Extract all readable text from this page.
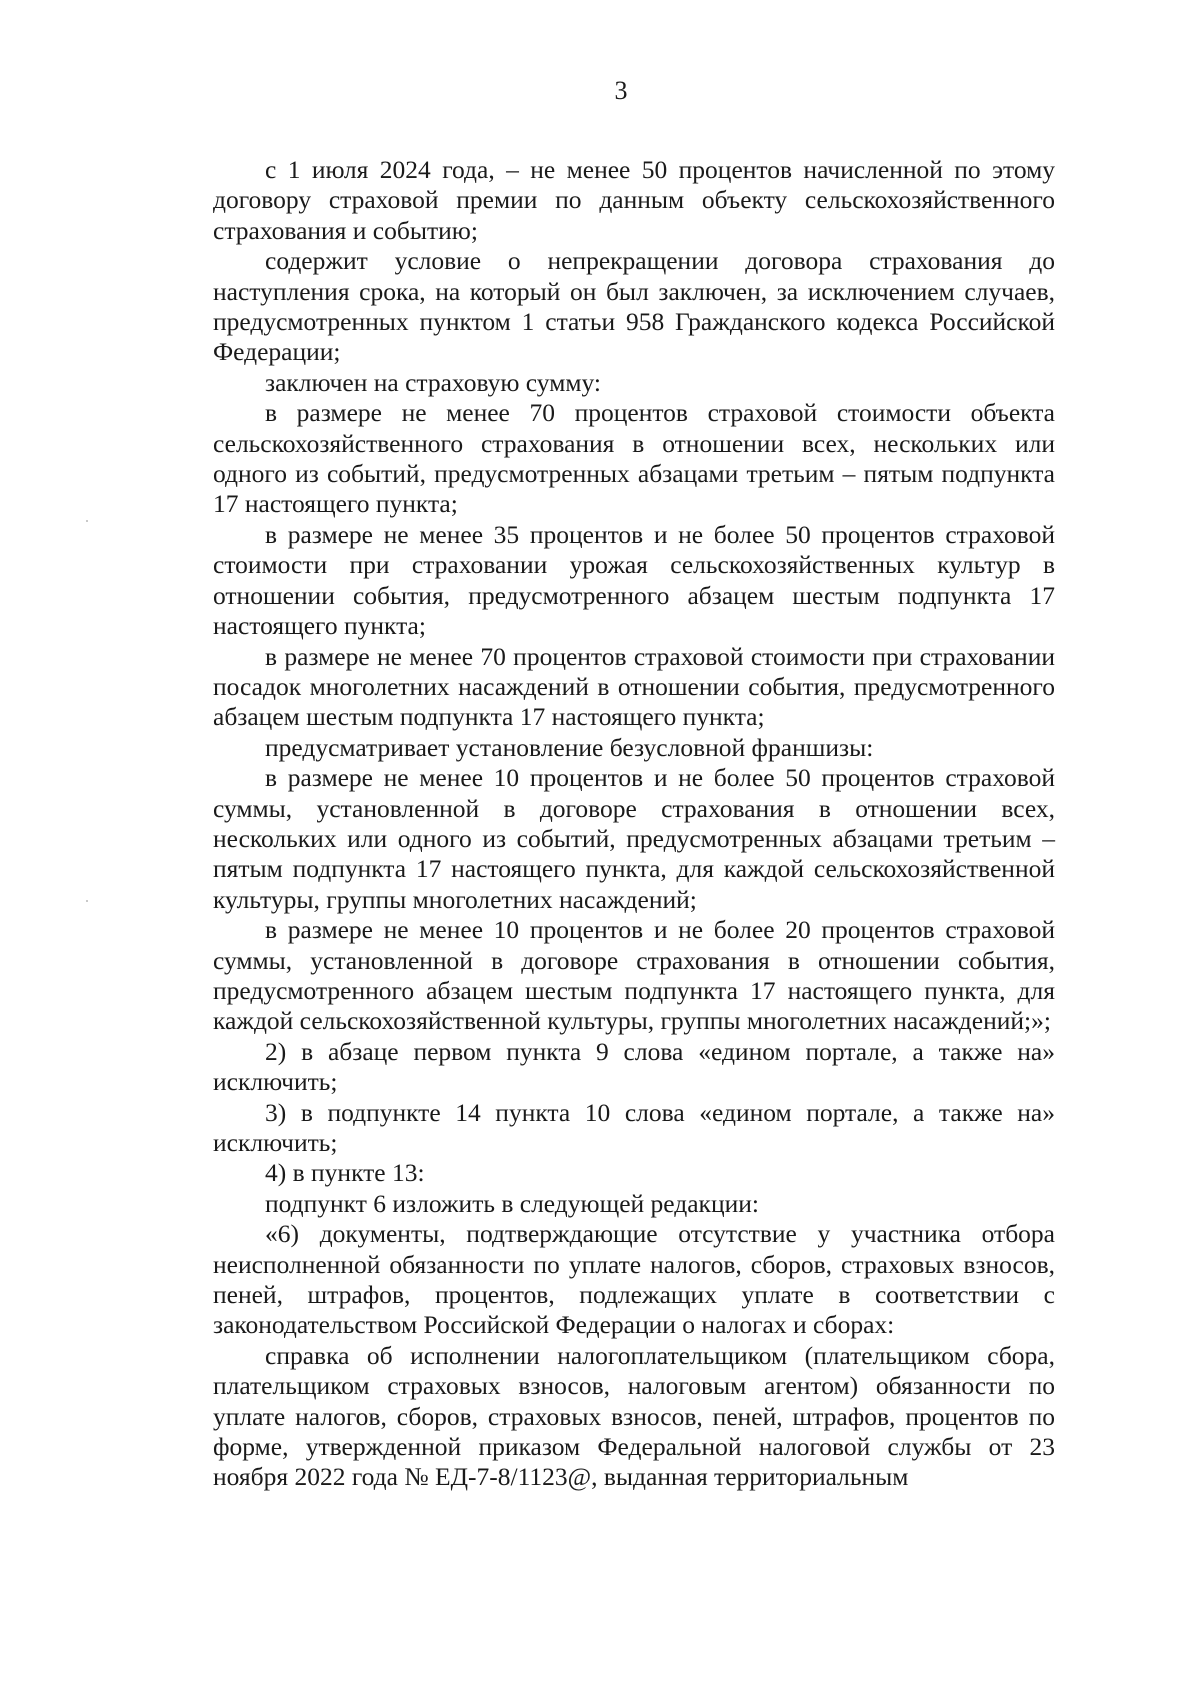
3

с 1 июля 2024 года, – не менее 50 процентов начисленной по этому договору страховой премии по данным объекту сельскохозяйственного страхования и событию;

содержит условие о непрекращении договора страхования до наступления срока, на который он был заключен, за исключением случаев, предусмотренных пунктом 1 статьи 958 Гражданского кодекса Российской Федерации;

заключен на страховую сумму:

в размере не менее 70 процентов страховой стоимости объекта сельскохозяйственного страхования в отношении всех, нескольких или одного из событий, предусмотренных абзацами третьим – пятым подпункта 17 настоящего пункта;

в размере не менее 35 процентов и не более 50 процентов страховой стоимости при страховании урожая сельскохозяйственных культур в отношении события, предусмотренного абзацем шестым подпункта 17 настоящего пункта;

в размере не менее 70 процентов страховой стоимости при страховании посадок многолетних насаждений в отношении события, предусмотренного абзацем шестым подпункта 17 настоящего пункта;

предусматривает установление безусловной франшизы:

в размере не менее 10 процентов и не более 50 процентов страховой суммы, установленной в договоре страхования в отношении всех, нескольких или одного из событий, предусмотренных абзацами третьим – пятым подпункта 17 настоящего пункта, для каждой сельскохозяйственной культуры, группы многолетних насаждений;

в размере не менее 10 процентов и не более 20 процентов страховой суммы, установленной в договоре страхования в отношении события, предусмотренного абзацем шестым подпункта 17 настоящего пункта, для каждой сельскохозяйственной культуры, группы многолетних насаждений;»;

2) в абзаце первом пункта 9 слова «едином портале, а также на» исключить;

3) в подпункте 14 пункта 10 слова «едином портале, а также на» исключить;

4) в пункте 13:

подпункт 6 изложить в следующей редакции:

«6) документы, подтверждающие отсутствие у участника отбора неисполненной обязанности по уплате налогов, сборов, страховых взносов, пеней, штрафов, процентов, подлежащих уплате в соответствии с законодательством Российской Федерации о налогах и сборах:

справка об исполнении налогоплательщиком (плательщиком сбора, плательщиком страховых взносов, налоговым агентом) обязанности по уплате налогов, сборов, страховых взносов, пеней, штрафов, процентов по форме, утвержденной приказом Федеральной налоговой службы от 23 ноября 2022 года № ЕД-7-8/1123@, выданная территориальным
